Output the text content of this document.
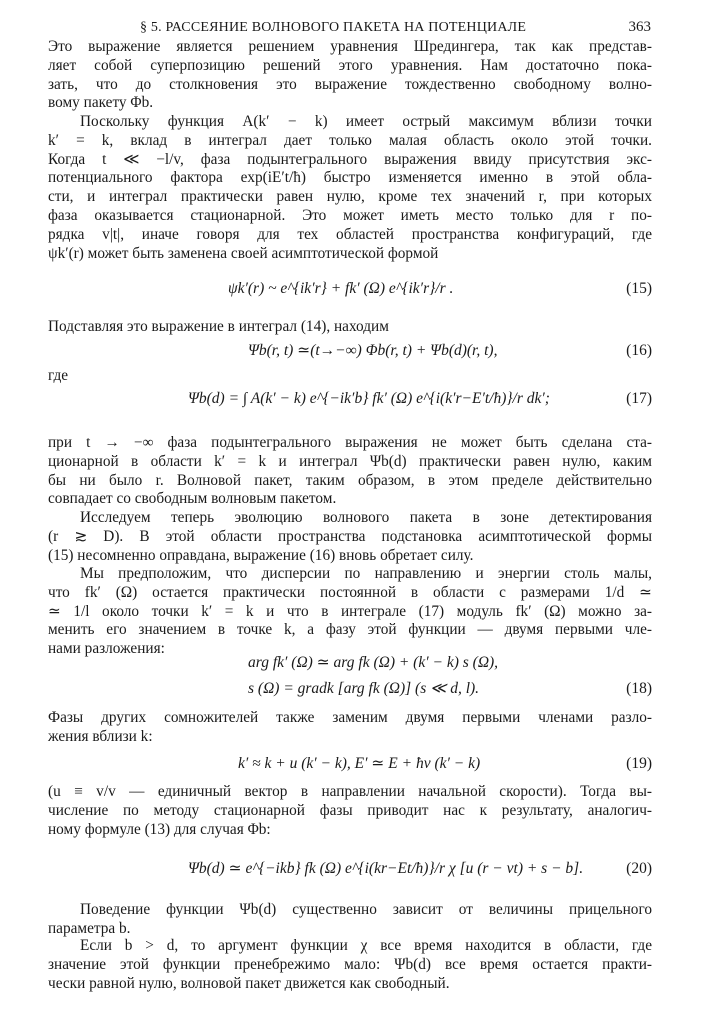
§ 5. РАССЕЯНИЕ ВОЛНОВОГО ПАКЕТА НА ПОТЕНЦИАЛЕ	363
Это выражение является решением уравнения Шредингера, так как представ-
ляет собой суперпозицию решений этого уравнения. Нам достаточно пока-
зать, что до столкновения это выражение тождественно свободному волно-
вому пакету Φb.
Поскольку функция A(k′ − k) имеет острый максимум вблизи точки
k′ = k, вклад в интеграл дает только малая область около этой точки.
Когда t ≪ −l/v, фаза подынтегрального выражения ввиду присутствия экс-
потенциального фактора exp(iE′t/ħ) быстро изменяется именно в этой обла-
сти, и интеграл практически равен нулю, кроме тех значений r, при которых
фаза оказывается стационарной. Это может иметь место только для r по-
рядка v|t|, иначе говоря для тех областей пространства конфигураций, где
ψk′(r) может быть заменена своей асимптотической формой
Подставляя это выражение в интеграл (14), находим
где
при t → −∞ фаза подынтегрального выражения не может быть сделана ста-
ционарной в области k′ = k и интеграл Ψb(d) практически равен нулю, каким
бы ни было r. Волновой пакет, таким образом, в этом пределе действительно
совпадает со свободным волновым пакетом.
Исследуем теперь эволюцию волнового пакета в зоне детектирования
(r ≳ D). В этой области пространства подстановка асимптотической формы
(15) несомненно оправдана, выражение (16) вновь обретает силу.
Мы предположим, что дисперсии по направлению и энергии столь малы,
что fk′ (Ω) остается практически постоянной в области с размерами 1/d ≃
≃ 1/l около точки k′ = k и что в интеграле (17) модуль fk′ (Ω) можно за-
менить его значением в точке k, а фазу этой функции — двумя первыми чле-
нами разложения:
Фазы других сомножителей также заменим двумя первыми членами разло-
жения вблизи k:
(u ≡ v/v — единичный вектор в направлении начальной скорости). Тогда вы-
числение по методу стационарной фазы приводит нас к результату, аналогич-
ному формуле (13) для случая Φb:
Поведение функции Ψb(d) существенно зависит от величины прицельного
параметра b.
Если b > d, то аргумент функции χ все время находится в области, где
значение этой функции пренебрежимо мало: Ψb(d) все время остается практи-
чески равной нулю, волновой пакет движется как свободный.
ψk′(r) ~ e^{ik′r} + fk′ (Ω) e^{ik′r}/r .	(15)
Ψb(r, t) ≃(t→−∞) Φb(r, t) + Ψb(d)(r, t),	(16)
Ψb(d) = ∫ A(k′ − k) e^{−ik′b} fk′ (Ω) e^{i(k′r−E′t/ħ)}/r dk′;	(17)
arg fk′ (Ω) ≃ arg fk (Ω) + (k′ − k) s (Ω),
s (Ω) = gradk [arg fk (Ω)] (s ≪ d, l).	(18)
k′ ≈ k + u (k′ − k), E′ ≃ E + ħv (k′ − k)	(19)
Ψb(d) ≃ e^{−ikb} fk (Ω) e^{i(kr−Et/ħ)}/r χ [u (r − vt) + s − b].	(20)
